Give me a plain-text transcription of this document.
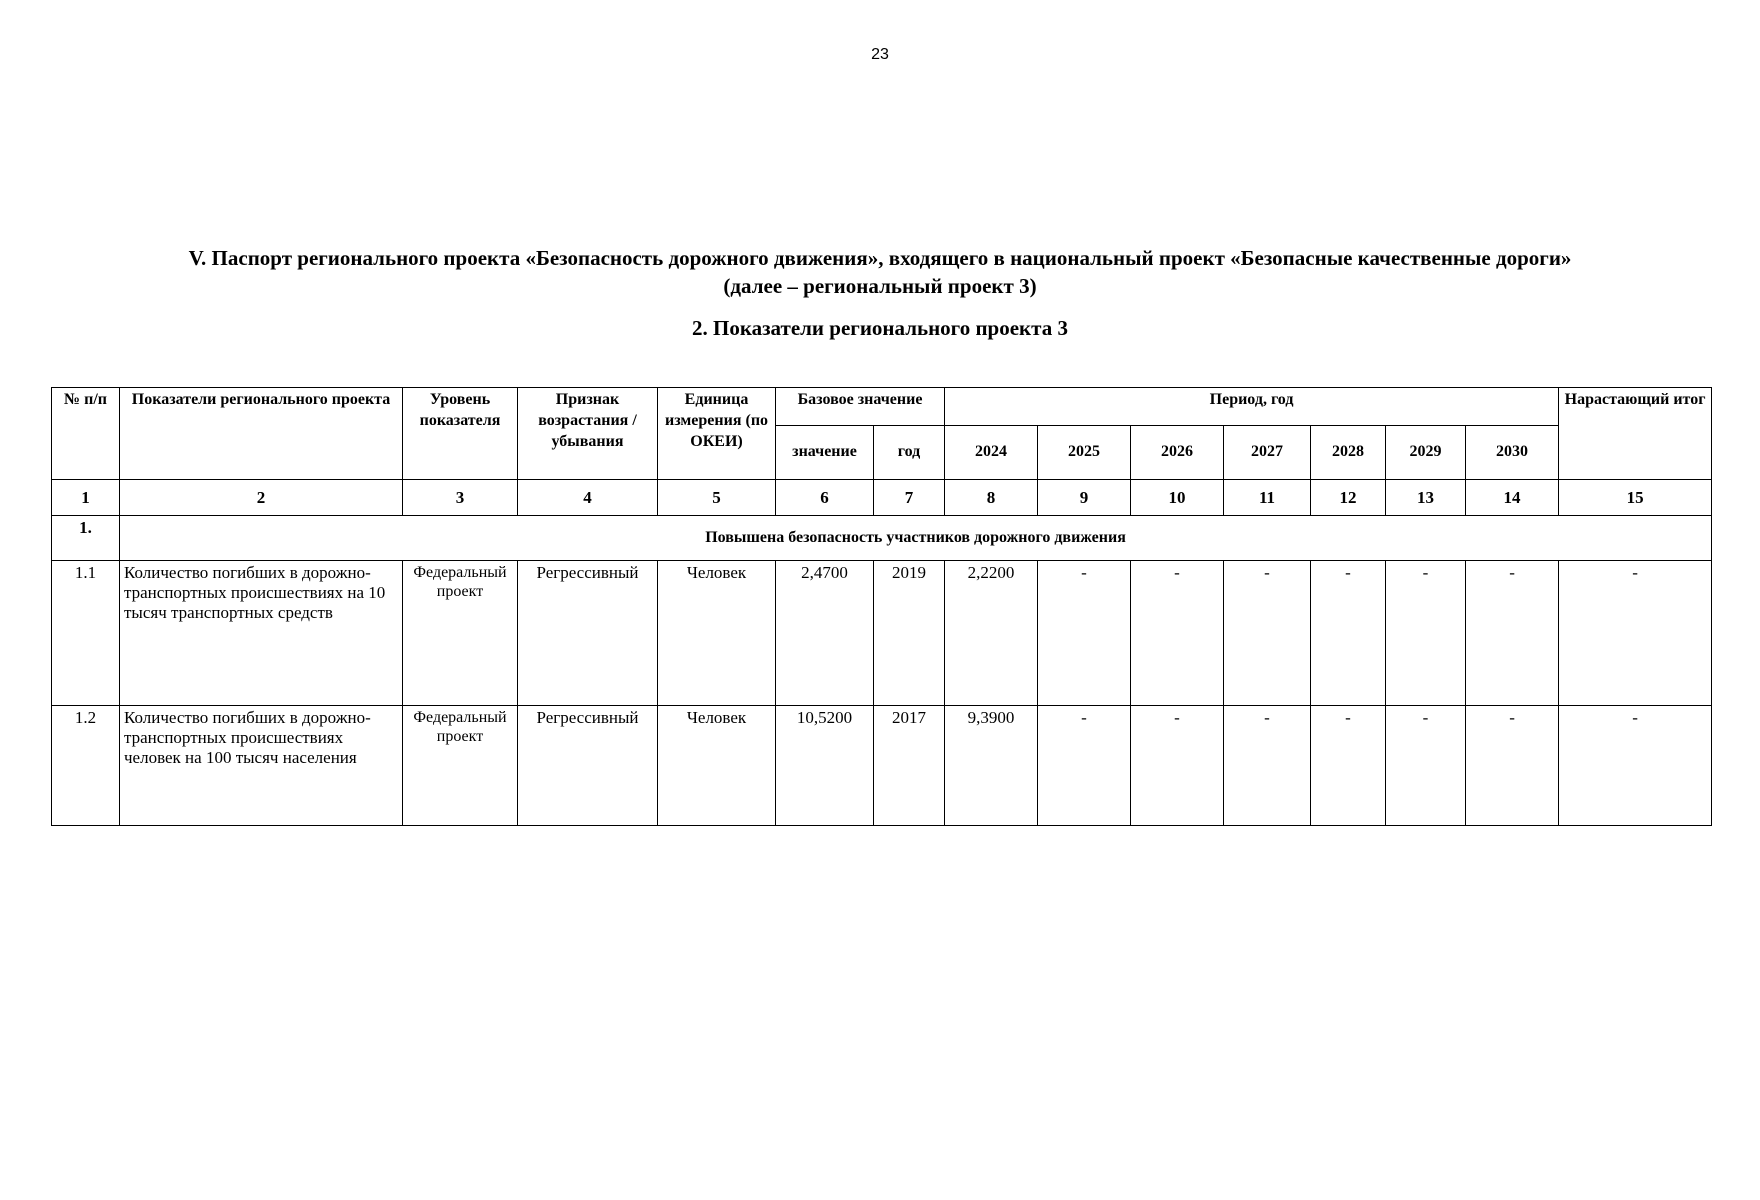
23
V. Паспорт регионального проекта «Безопасность дорожного движения», входящего в национальный проект «Безопасные качественные дороги»
(далее – региональный проект 3)
2. Показатели регионального проекта 3
№ п/п	Показатели регионального проекта	Уровень показателя	Признак возрастания / убывания	Единица измерения (по ОКЕИ)	Базовое значение		Период, год							Нарастающий итог
					значение	год	2024	2025	2026	2027	2028	2029	2030	
1	2	3	4	5	6	7	8	9	10	11	12	13	14	15
1.	Повышена безопасность участников дорожного движения													
1.1	Количество погибших в дорожно-транспортных происшествиях на 10 тысяч транспортных средств	Федеральный проект	Регрессивный	Человек	2,4700	2019	2,2200	-	-	-	-	-	-	-
1.2	Количество погибших в дорожно-транспортных происшествиях человек на 100 тысяч населения	Федеральный проект	Регрессивный	Человек	10,5200	2017	9,3900	-	-	-	-	-	-	-
